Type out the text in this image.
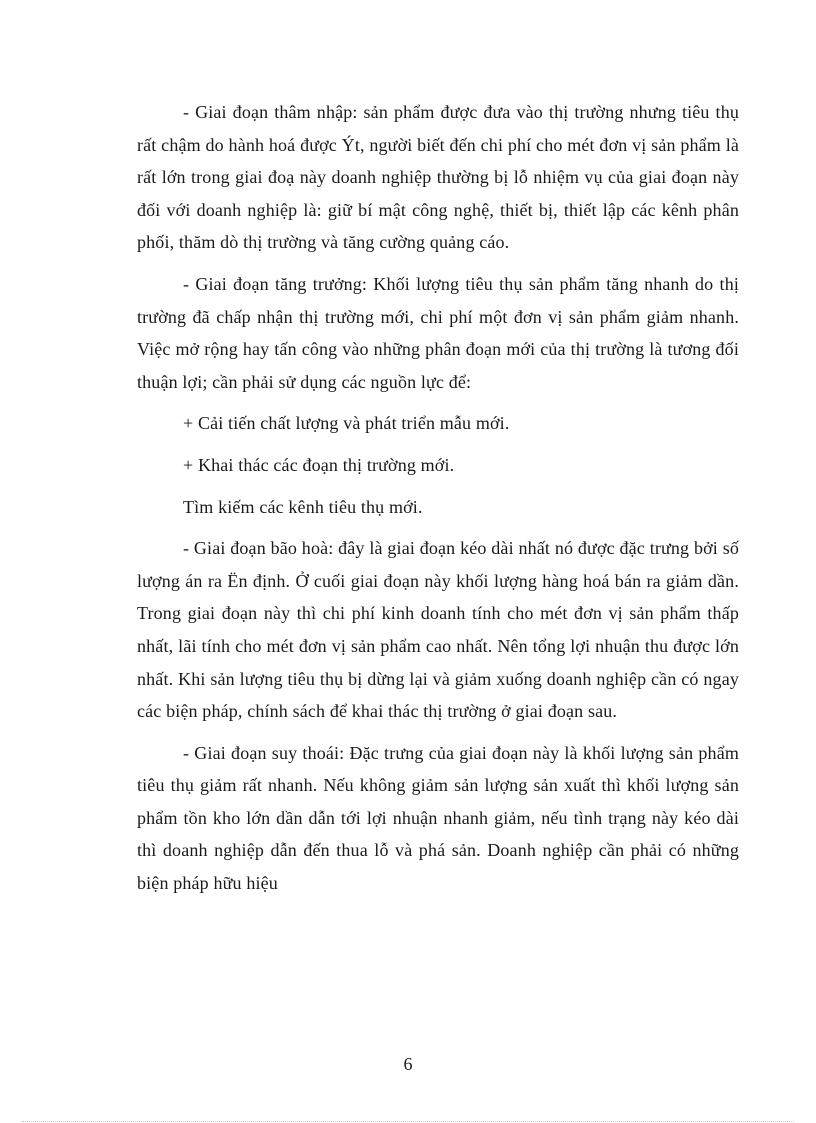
- Giai đoạn thâm nhập: sản phẩm được đưa vào thị trường nhưng tiêu thụ rất chậm do hành hoá được Ýt, người biết đến chi phí cho mét đơn vị sản phẩm là rất lớn trong giai đoạ này doanh nghiệp thường bị lỗ nhiệm vụ của giai đoạn này đối với doanh nghiệp là: giữ bí mật công nghệ, thiết bị, thiết lập các kênh phân phối, thăm dò thị trường và tăng cường quảng cáo.

- Giai đoạn tăng trưởng: Khối lượng tiêu thụ sản phẩm tăng nhanh do thị trường đã chấp nhận thị trường mới, chi phí một đơn vị sản phẩm giảm nhanh. Việc mở rộng hay tấn công vào những phân đoạn mới của thị trường là tương đối thuận lợi; cần phải sử dụng các nguồn lực để:

+ Cải tiến chất lượng và phát triển mẫu mới.

+ Khai thác các đoạn thị trường mới.

Tìm kiếm các kênh tiêu thụ mới.

- Giai đoạn bão hoà: đây là giai đoạn kéo dài nhất nó được đặc trưng bởi số lượng án ra Ën định. Ở cuối giai đoạn này khối lượng hàng hoá bán ra giảm dần. Trong giai đoạn này thì chi phí kinh doanh tính cho mét đơn vị sản phẩm thấp nhất, lãi tính cho mét đơn vị sản phẩm cao nhất. Nên tổng lợi nhuận thu được lớn nhất. Khi sản lượng tiêu thụ bị dừng lại và giảm xuống doanh nghiệp cần có ngay các biện pháp, chính sách để khai thác thị trường ở giai đoạn sau.

- Giai đoạn suy thoái: Đặc trưng của giai đoạn này là khối lượng sản phẩm tiêu thụ giảm rất nhanh. Nếu không giảm sản lượng sản xuất thì khối lượng sản phẩm tồn kho lớn dần dẫn tới lợi nhuận nhanh giảm, nếu tình trạng này kéo dài thì doanh nghiệp dẫn đến thua lỗ và phá sản. Doanh nghiệp cần phải có những biện pháp hữu hiệu

6
